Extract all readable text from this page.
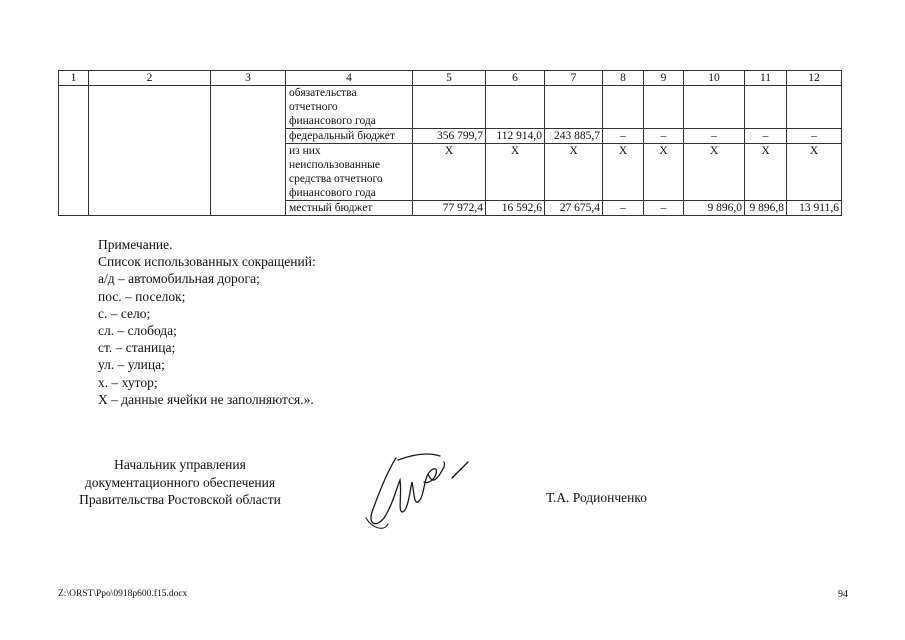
1	2	3	4	5	6	7	8	9	10	11	12

			обязательства
отчетного
финансового года								

			федеральный бюджет	356 799,7	112 914,0	243 885,7	–	–	–	–	–

			из них
неиспользованные
средства отчетного
финансового года	Х	Х	Х	Х	Х	Х	Х	Х

			местный бюджет	77 972,4	16 592,6	27 675,4	–	–	9 896,0	9 896,8	13 911,6
Примечание.
Список использованных сокращений:
а/д – автомобильная дорога;
пос. – поселок;
с. – село;
сл. – слобода;
ст. – станица;
ул. – улица;
х. – хутор;
Х – данные ячейки не заполняются.».
Начальник управления
документационного обеспечения
Правительства Ростовской области	Т.А. Родионченко
Z:\ORST\Ppo\0918p600.f15.docx	94
